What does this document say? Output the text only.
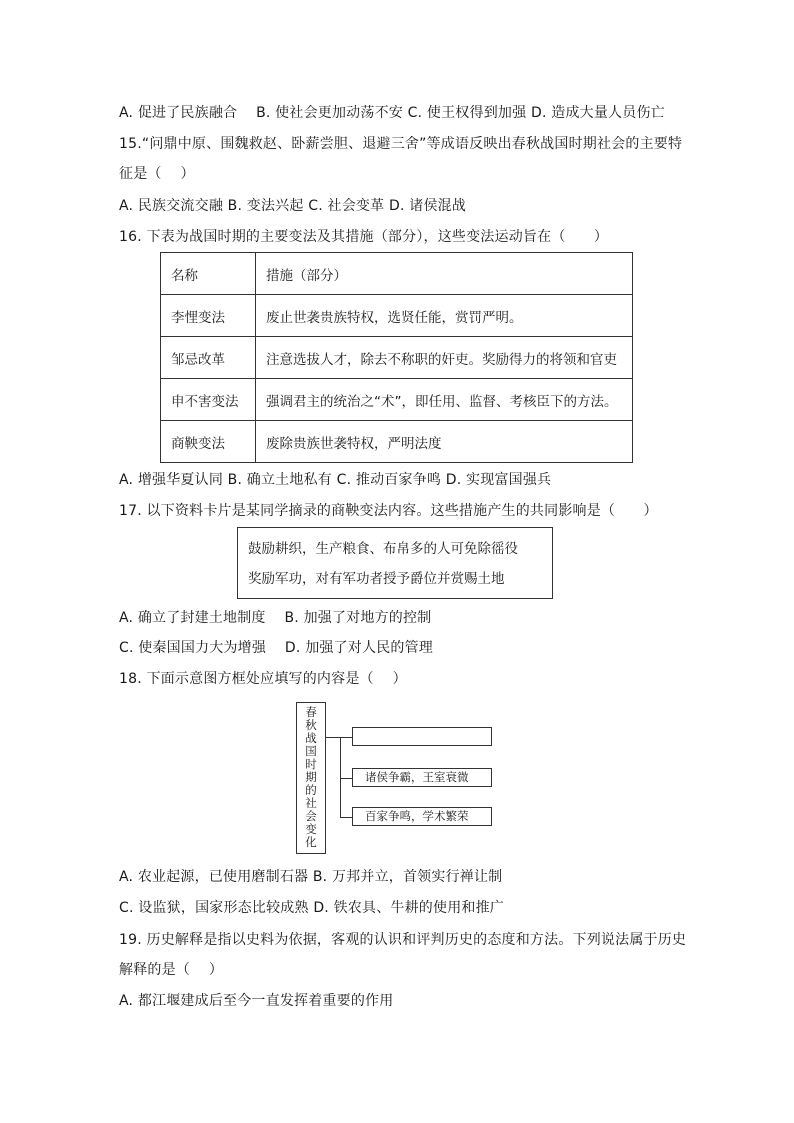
A. 促进了民族融合　 B. 使社会更加动荡不安 C. 使王权得到加强 D. 造成大量人员伤亡
15.“问鼎中原、围魏救赵、卧薪尝胆、退避三舍”等成语反映出春秋战国时期社会的主要特
征是（　 ）
A. 民族交流交融 B. 变法兴起 C. 社会变革 D. 诸侯混战
16. 下表为战国时期的主要变法及其措施（部分），这些变法运动旨在（　　）
名称	措施（部分）
李悝变法	废止世袭贵族特权，选贤任能，赏罚严明。
邹忌改革	注意选拔人才，除去不称职的奸吏。奖励得力的将领和官吏
申不害变法	强调君主的统治之“术”，即任用、监督、考核臣下的方法。
商鞅变法	废除贵族世袭特权，严明法度
A. 增强华夏认同 B. 确立土地私有 C. 推动百家争鸣 D. 实现富国强兵
17. 以下资料卡片是某同学摘录的商鞅变法内容。这些措施产生的共同影响是（　　）
鼓励耕织，生产粮食、布帛多的人可免除徭役
奖励军功，对有军功者授予爵位并赏赐土地
A. 确立了封建土地制度　 B. 加强了对地方的控制
C. 使秦国国力大为增强　 D. 加强了对人民的管理
18. 下面示意图方框处应填写的内容是（　 ）
春
秋
战
国
时
期
的
社
会
变
化
诸侯争霸，王室衰微
百家争鸣，学术繁荣
A. 农业起源，已使用磨制石器 B. 万邦并立，首领实行禅让制
C. 设监狱，国家形态比较成熟 D. 铁农具、牛耕的使用和推广
19. 历史解释是指以史料为依据，客观的认识和评判历史的态度和方法。下列说法属于历史
解释的是（　 ）
A. 都江堰建成后至今一直发挥着重要的作用
